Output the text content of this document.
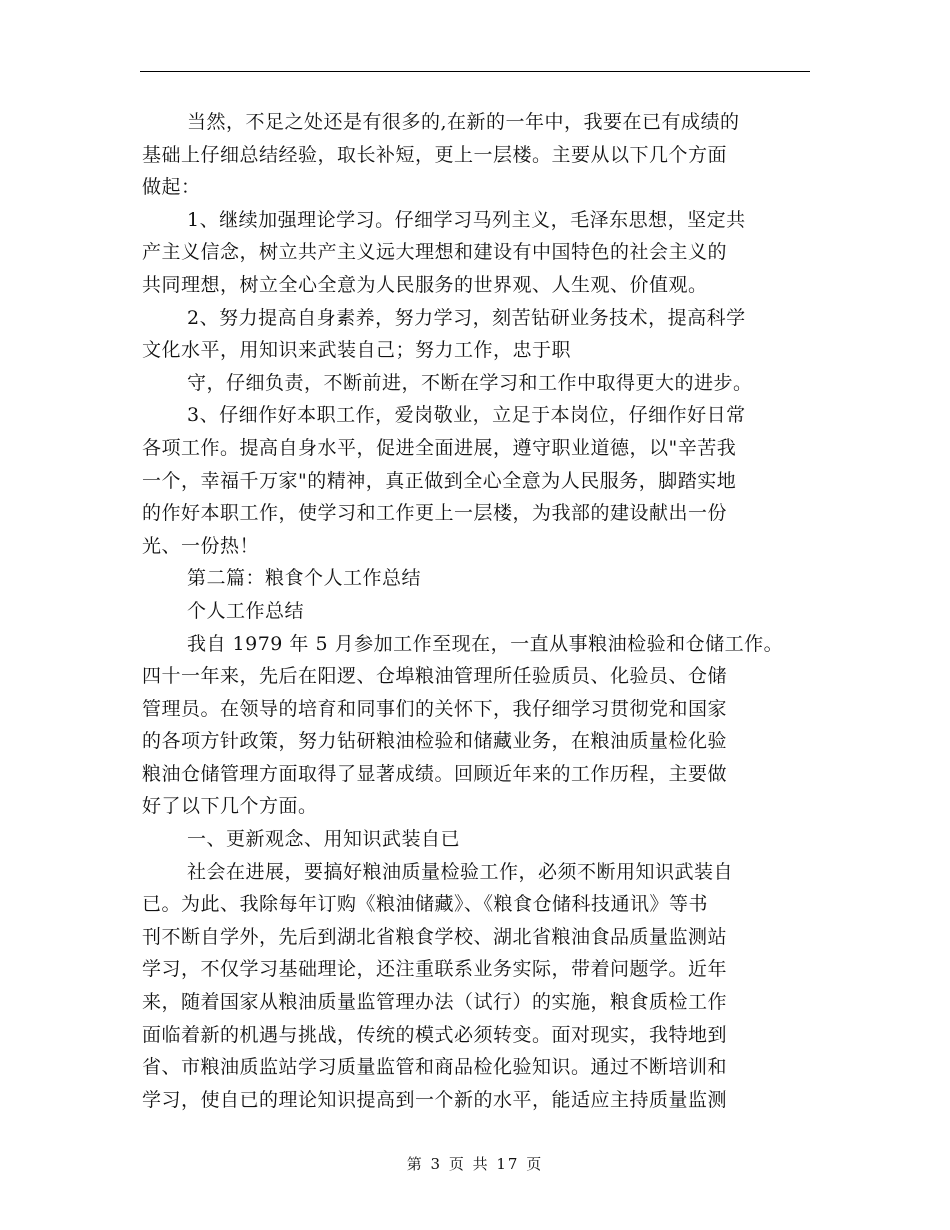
当然，不足之处还是有很多的,在新的一年中，我要在已有成绩的
基础上仔细总结经验，取长补短，更上一层楼。主要从以下几个方面
做起：
1、继续加强理论学习。仔细学习马列主义，毛泽东思想，坚定共
产主义信念，树立共产主义远大理想和建设有中国特色的社会主义的
共同理想，树立全心全意为人民服务的世界观、人生观、价值观。
2、努力提高自身素养，努力学习，刻苦钻研业务技术，提高科学
文化水平，用知识来武装自己；努力工作，忠于职
守，仔细负责，不断前进，不断在学习和工作中取得更大的进步。
3、仔细作好本职工作，爱岗敬业，立足于本岗位，仔细作好日常
各项工作。提高自身水平，促进全面进展，遵守职业道德，以"辛苦我
一个，幸福千万家"的精神，真正做到全心全意为人民服务，脚踏实地
的作好本职工作，使学习和工作更上一层楼，为我部的建设献出一份
光、一份热！
第二篇：粮食个人工作总结
个人工作总结
我自 1979 年 5 月参加工作至现在，一直从事粮油检验和仓储工作。
四十一年来，先后在阳逻、仓埠粮油管理所任验质员、化验员、仓储
管理员。在领导的培育和同事们的关怀下，我仔细学习贯彻党和国家
的各项方针政策，努力钻研粮油检验和储藏业务，在粮油质量检化验
粮油仓储管理方面取得了显著成绩。回顾近年来的工作历程，主要做
好了以下几个方面。
一、更新观念、用知识武装自已
社会在进展，要搞好粮油质量检验工作，必须不断用知识武装自
已。为此、我除每年订购《粮油储藏》、《粮食仓储科技通讯》等书
刊不断自学外，先后到湖北省粮食学校、湖北省粮油食品质量监测站
学习，不仅学习基础理论，还注重联系业务实际，带着问题学。近年
来，随着国家从粮油质量监管理办法（试行）的实施，粮食质检工作
面临着新的机遇与挑战，传统的模式必须转变。面对现实，我特地到
省、市粮油质监站学习质量监管和商品检化验知识。通过不断培训和
学习，使自已的理论知识提高到一个新的水平，能适应主持质量监测
第 3 页 共 17 页
